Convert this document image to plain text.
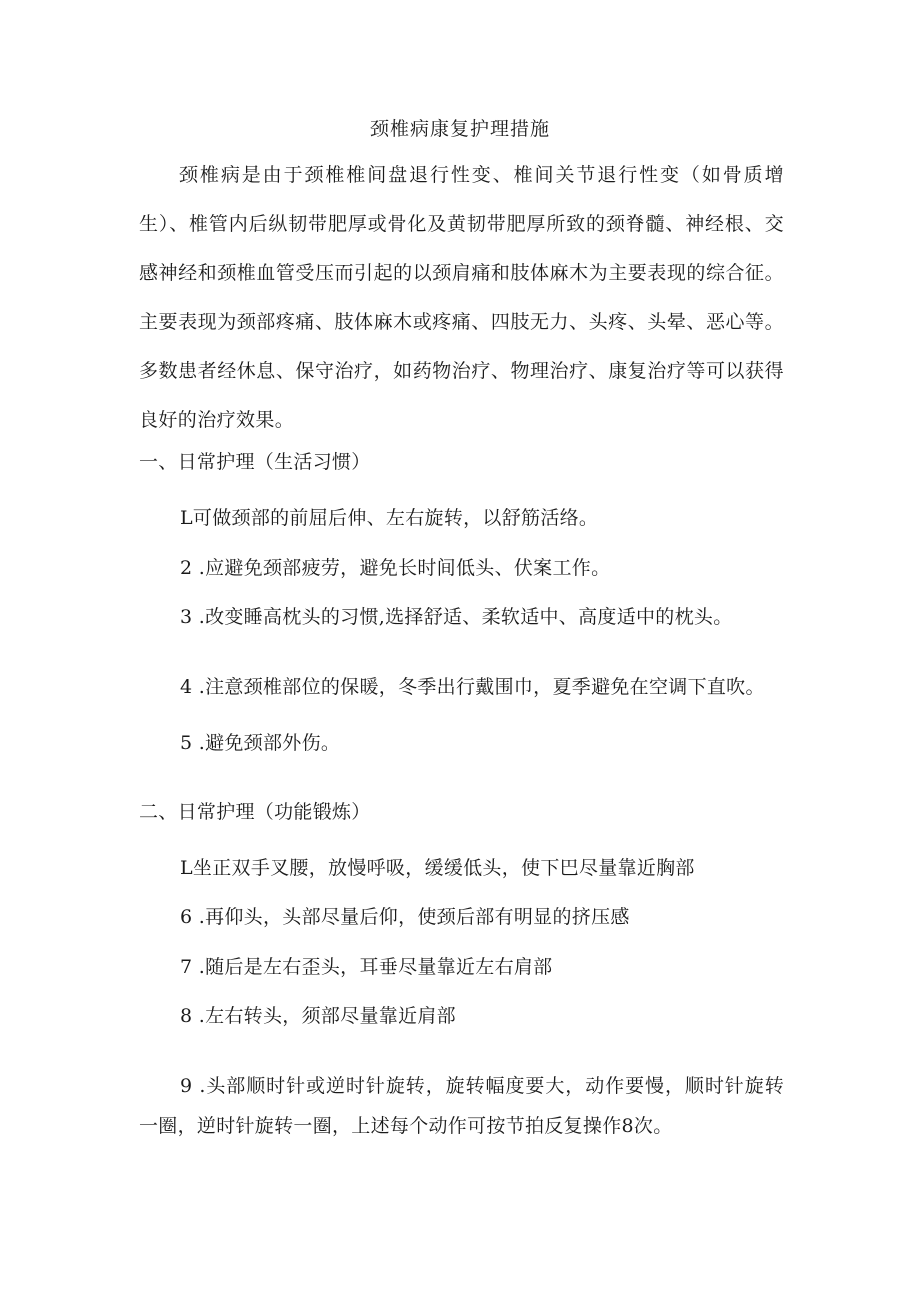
颈椎病康复护理措施

颈椎病是由于颈椎椎间盘退行性变、椎间关节退行性变（如骨质增生）、椎管内后纵韧带肥厚或骨化及黄韧带肥厚所致的颈脊髓、神经根、交感神经和颈椎血管受压而引起的以颈肩痛和肢体麻木为主要表现的综合征。主要表现为颈部疼痛、肢体麻木或疼痛、四肢无力、头疼、头晕、恶心等。多数患者经休息、保守治疗，如药物治疗、物理治疗、康复治疗等可以获得良好的治疗效果。

一、日常护理（生活习惯）
L可做颈部的前屈后伸、左右旋转，以舒筋活络。
2 .应避免颈部疲劳，避免长时间低头、伏案工作。
3 .改变睡高枕头的习惯,选择舒适、柔软适中、高度适中的枕头。
4 .注意颈椎部位的保暖，冬季出行戴围巾，夏季避免在空调下直吹。
5 .避免颈部外伤。
二、日常护理（功能锻炼）
L坐正双手叉腰，放慢呼吸，缓缓低头，使下巴尽量靠近胸部
6 .再仰头，头部尽量后仰，使颈后部有明显的挤压感
7 .随后是左右歪头，耳垂尽量靠近左右肩部
8 .左右转头，须部尽量靠近肩部

9 .头部顺时针或逆时针旋转，旋转幅度要大，动作要慢，顺时针旋转一圈，逆时针旋转一圈，上述每个动作可按节拍反复操作8次。
